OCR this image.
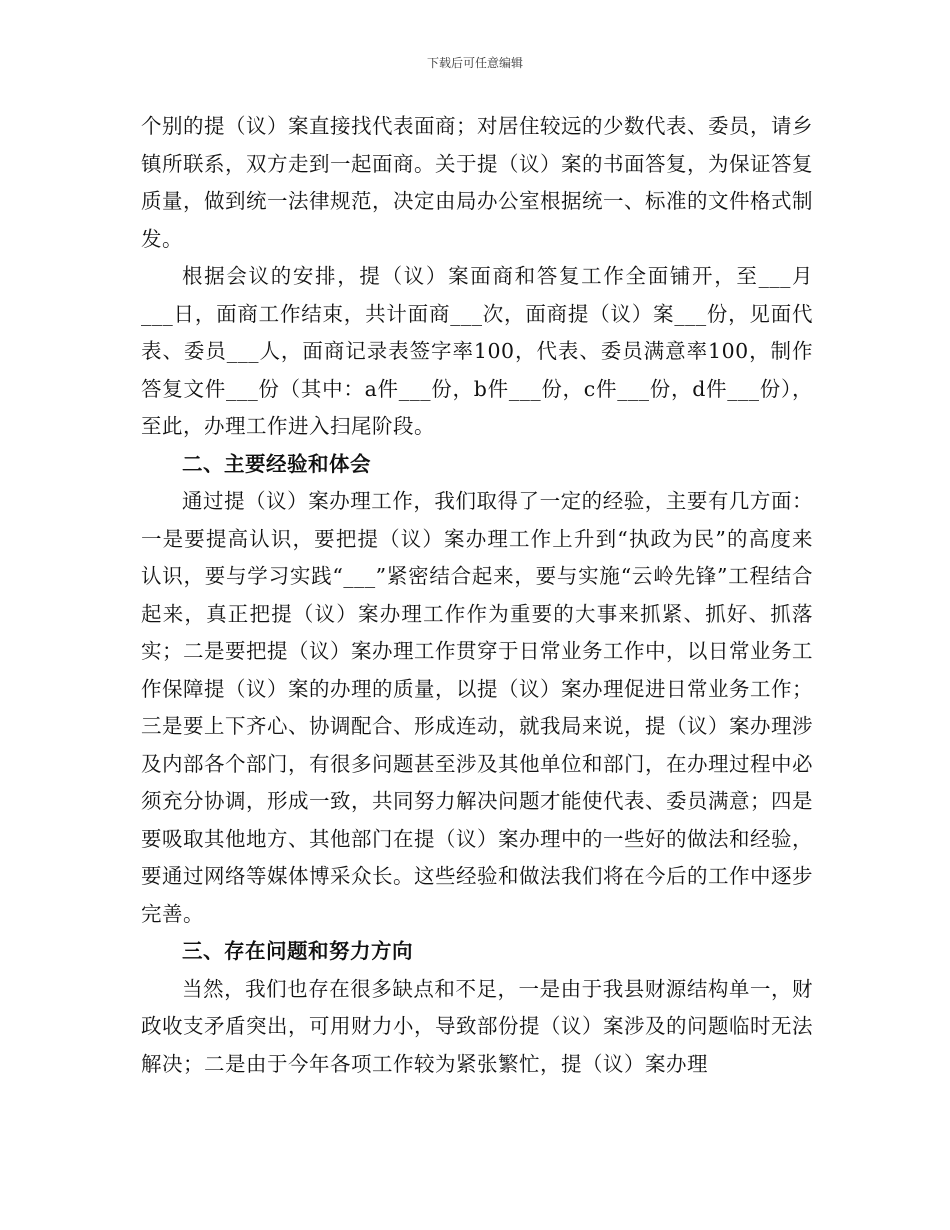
下载后可任意编辑

个别的提（议）案直接找代表面商；对居住较远的少数代表、委员，请乡镇所联系，双方走到一起面商。关于提（议）案的书面答复，为保证答复质量，做到统一法律规范，决定由局办公室根据统一、标准的文件格式制发。

根据会议的安排，提（议）案面商和答复工作全面铺开，至___月___日，面商工作结束，共计面商___次，面商提（议）案___份，见面代表、委员___人，面商记录表签字率100，代表、委员满意率100，制作答复文件___份（其中：a件___份，b件___份，c件___份，d件___份），至此，办理工作进入扫尾阶段。

二、主要经验和体会

通过提（议）案办理工作，我们取得了一定的经验，主要有几方面：一是要提高认识，要把提（议）案办理工作上升到“执政为民”的高度来认识，要与学习实践“___”紧密结合起来，要与实施“云岭先锋”工程结合起来，真正把提（议）案办理工作作为重要的大事来抓紧、抓好、抓落实；二是要把提（议）案办理工作贯穿于日常业务工作中，以日常业务工作保障提（议）案的办理的质量，以提（议）案办理促进日常业务工作；三是要上下齐心、协调配合、形成连动，就我局来说，提（议）案办理涉及内部各个部门，有很多问题甚至涉及其他单位和部门，在办理过程中必须充分协调，形成一致，共同努力解决问题才能使代表、委员满意；四是要吸取其他地方、其他部门在提（议）案办理中的一些好的做法和经验，要通过网络等媒体博采众长。这些经验和做法我们将在今后的工作中逐步完善。

三、存在问题和努力方向

当然，我们也存在很多缺点和不足，一是由于我县财源结构单一，财政收支矛盾突出，可用财力小，导致部份提（议）案涉及的问题临时无法解决；二是由于今年各项工作较为紧张繁忙，提（议）案办理
